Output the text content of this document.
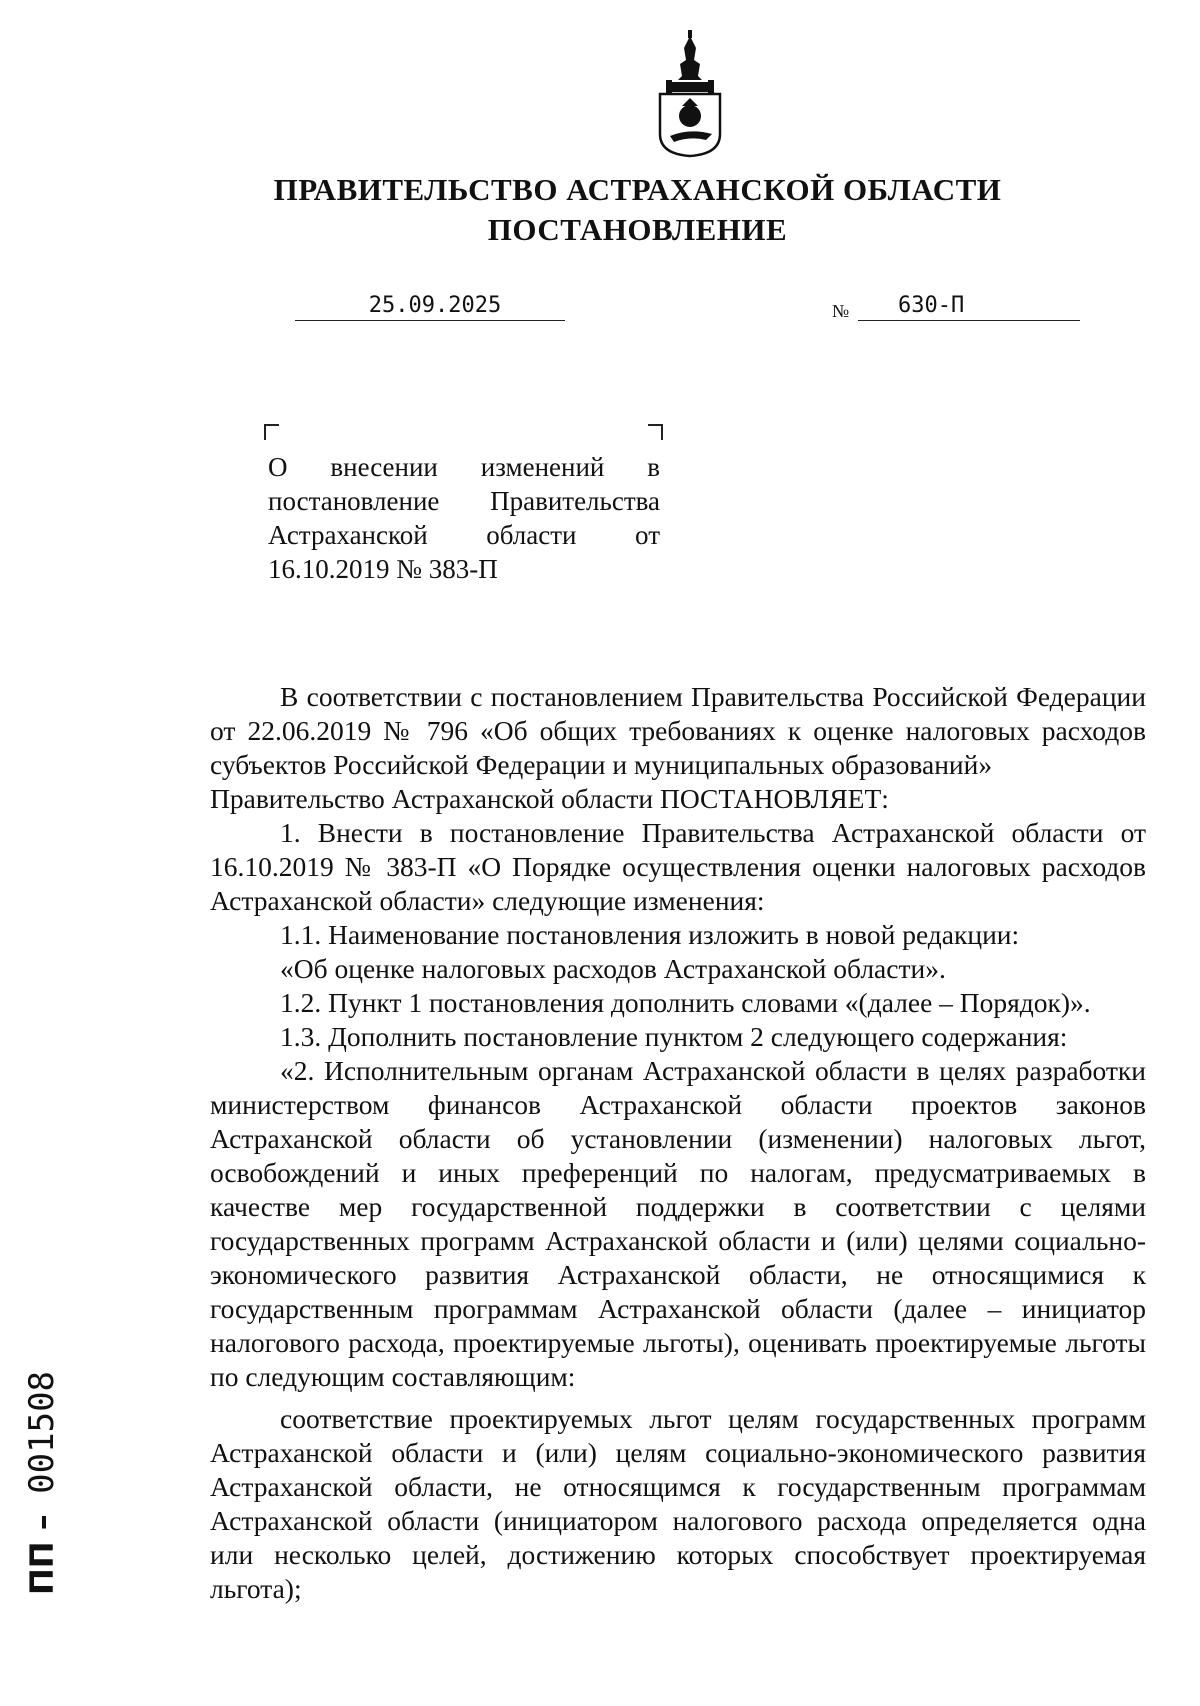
ПРАВИТЕЛЬСТВО АСТРАХАНСКОЙ ОБЛАСТИ
ПОСТАНОВЛЕНИЕ
25.09.2025	№	630-П

О внесении изменений в постановление Правительства Астраханской области от 16.10.2019 № 383-П

В соответствии с постановлением Правительства Российской Федерации от 22.06.2019 № 796 «Об общих требованиях к оценке налоговых расходов субъектов Российской Федерации и муниципальных образований»

Правительство Астраханской области ПОСТАНОВЛЯЕТ:

1. Внести в постановление Правительства Астраханской области от 16.10.2019 № 383-П «О Порядке осуществления оценки налоговых расходов Астраханской области» следующие изменения:

1.1. Наименование постановления изложить в новой редакции:

«Об оценке налоговых расходов Астраханской области».

1.2. Пункт 1 постановления дополнить словами «(далее – Порядок)».

1.3. Дополнить постановление пунктом 2 следующего содержания:

«2. Исполнительным органам Астраханской области в целях разработки министерством финансов Астраханской области проектов законов Астраханской области об установлении (изменении) налоговых льгот, освобождений и иных преференций по налогам, предусматриваемых в качестве мер государственной поддержки в соответствии с целями государственных программ Астраханской области и (или) целями социально-экономического развития Астраханской области, не относящимися к государственным программам Астраханской области (далее – инициатор налогового расхода, проектируемые льготы), оценивать проектируемые льготы по следующим составляющим:

соответствие проектируемых льгот целям государственных программ Астраханской области и (или) целям социально-экономического развития Астраханской области, не относящимся к государственным программам Астраханской области (инициатором налогового расхода определяется одна или несколько целей, достижению которых способствует проектируемая льгота);

ПП – 001508
